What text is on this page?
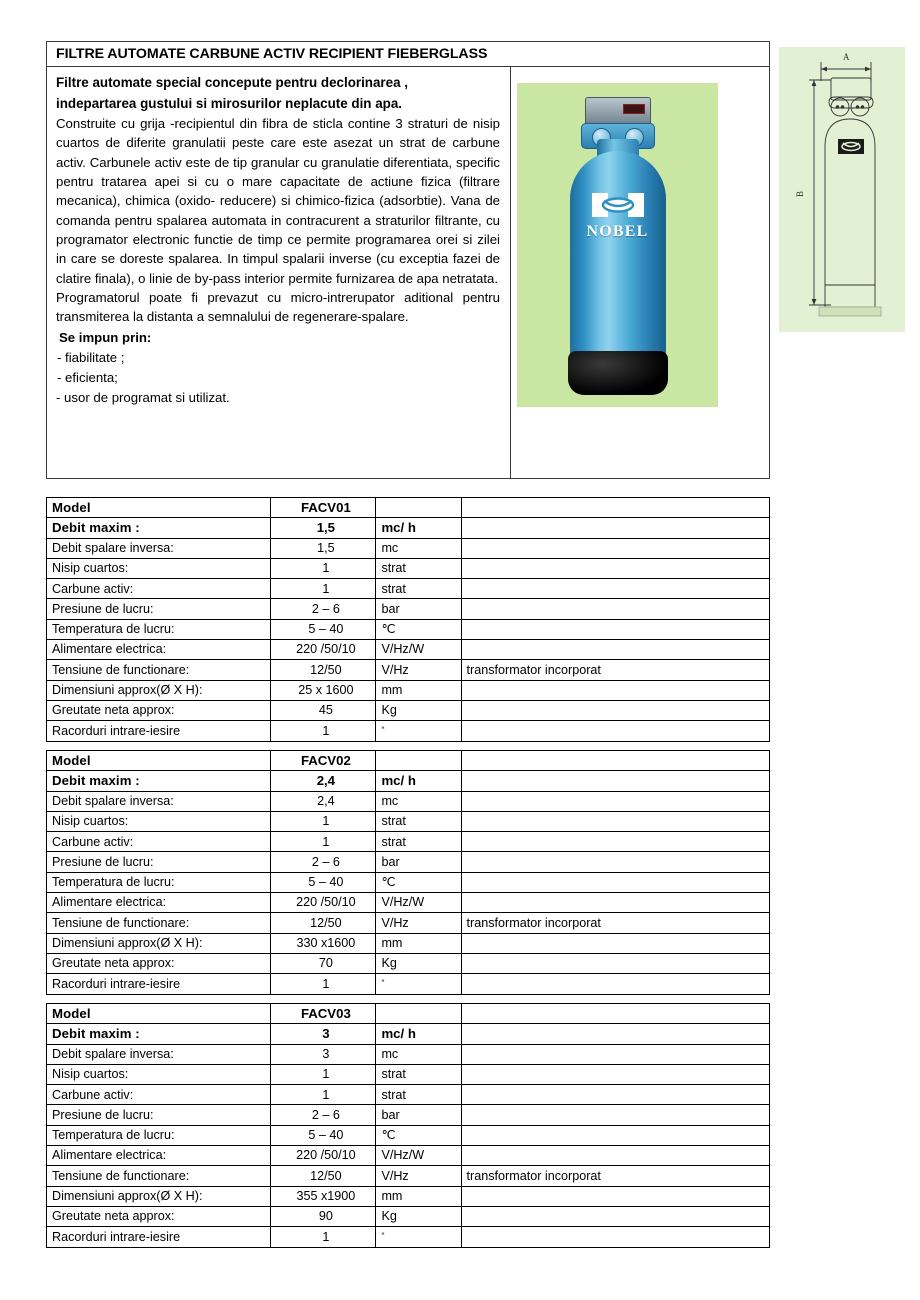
FILTRE AUTOMATE CARBUNE ACTIV RECIPIENT FIEBERGLASS

Filtre automate special concepute pentru declorinarea ,

indepartarea gustului si mirosurilor neplacute din apa.

Construite cu grija -recipientul din fibra de sticla contine 3 straturi de nisip cuartos de diferite granulatii peste care este asezat un strat de carbune activ. Carbunele activ este de tip granular cu granulatie diferentiata, specific pentru tratarea apei si cu o mare capacitate de actiune fizica (filtrare mecanica), chimica (oxido- reducere) si chimico-fizica (adsorbtie). Vana de comanda pentru spalarea automata in contracurent a straturilor filtrante, cu programator electronic functie de timp ce permite programarea orei si zilei in care se doreste spalarea. In timpul spalarii inverse (cu exceptia fazei de clatire finala), o linie de by-pass interior permite furnizarea de apa netratata.

Programatorul poate fi prevazut cu micro-intrerupator aditional pentru transmiterea la distanta a semnalului de regenerare-spalare.

Se impun prin:

- fiabilitate ;

- eficienta;

- usor de programat si utilizat.

NOBEL
A
B
Model	FACV01		
Debit maxim :	1,5	mc/ h	
Debit spalare inversa:	1,5	mc	
Nisip cuartos:	1	strat	
Carbune activ:	1	strat	
Presiune de lucru:	2 – 6	bar	
Temperatura de lucru:	5 – 40	℃	
Alimentare electrica:	220 /50/10	V/Hz/W	
Tensiune de functionare:	12/50	V/Hz	transformator incorporat
Dimensiuni approx(Ø X H):	25 x 1600	mm	
Greutate neta approx:	45	Kg	
Racorduri intrare-iesire	1	“	
Model	FACV02		
Debit maxim :	2,4	mc/ h	
Debit spalare inversa:	2,4	mc	
Nisip cuartos:	1	strat	
Carbune activ:	1	strat	
Presiune de lucru:	2 – 6	bar	
Temperatura de lucru:	5 – 40	℃	
Alimentare electrica:	220 /50/10	V/Hz/W	
Tensiune de functionare:	12/50	V/Hz	transformator incorporat
Dimensiuni approx(Ø X H):	330 x1600	mm	
Greutate neta approx:	70	Kg	
Racorduri intrare-iesire	1	“	
Model	FACV03		
Debit maxim :	3	mc/ h	
Debit spalare inversa:	3	mc	
Nisip cuartos:	1	strat	
Carbune activ:	1	strat	
Presiune de lucru:	2 – 6	bar	
Temperatura de lucru:	5 – 40	℃	
Alimentare electrica:	220 /50/10	V/Hz/W	
Tensiune de functionare:	12/50	V/Hz	transformator incorporat
Dimensiuni approx(Ø X H):	355 x1900	mm	
Greutate neta approx:	90	Kg	
Racorduri intrare-iesire	1	“	
